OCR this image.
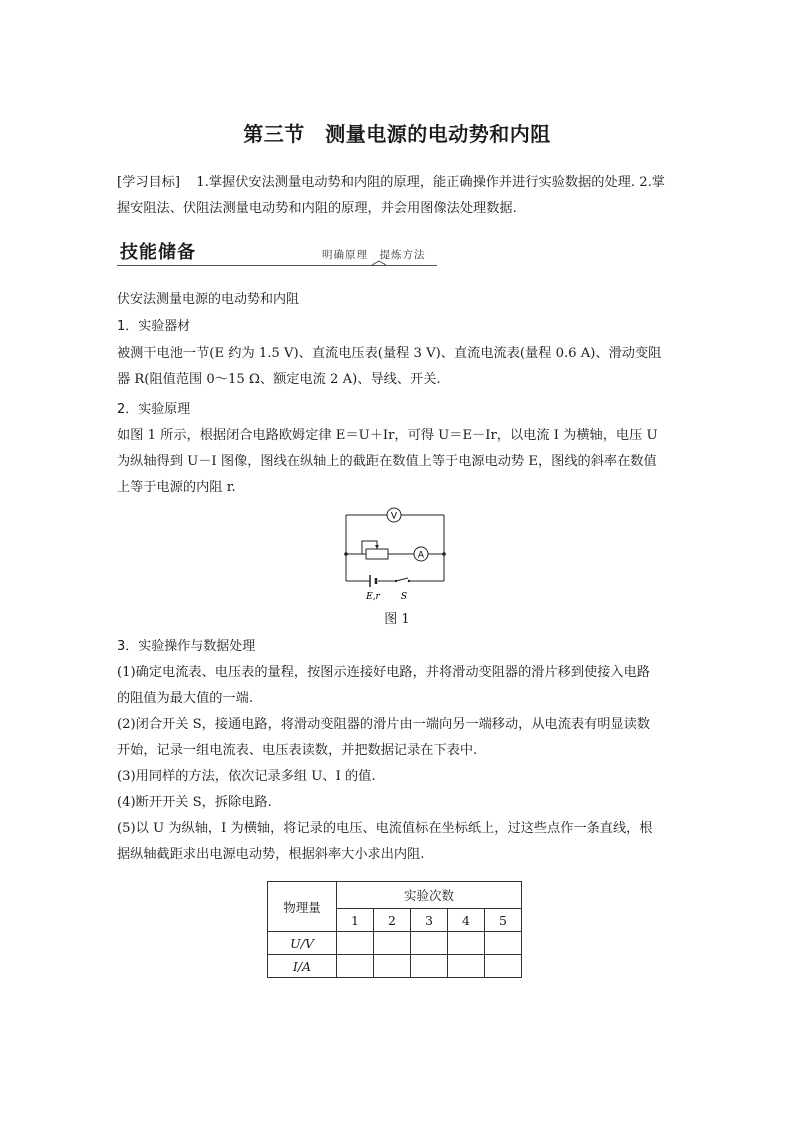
第三节　测量电源的电动势和内阻
[学习目标] 1.掌握伏安法测量电动势和内阻的原理，能正确操作并进行实验数据的处理. 2.掌
握安阻法、伏阻法测量电动势和内阻的原理，并会用图像法处理数据.
技能储备	明确原理　提炼方法
伏安法测量电源的电动势和内阻
1．实验器材
被测干电池一节(E 约为 1.5 V)、直流电压表(量程 3 V)、直流电流表(量程 0.6 A)、滑动变阻
器 R(阻值范围 0～15 Ω、额定电流 2 A)、导线、开关.
2．实验原理
如图 1 所示，根据闭合电路欧姆定律 E＝U＋Ir，可得 U＝E－Ir，以电流 I 为横轴，电压 U
为纵轴得到 U－I 图像，图线在纵轴上的截距在数值上等于电源电动势 E，图线的斜率在数值
上等于电源的内阻 r.
V
A
E,r S
图 1
3．实验操作与数据处理
(1)确定电流表、电压表的量程，按图示连接好电路，并将滑动变阻器的滑片移到使接入电路
的阻值为最大值的一端.
(2)闭合开关 S，接通电路，将滑动变阻器的滑片由一端向另一端移动，从电流表有明显读数
开始，记录一组电流表、电压表读数，并把数据记录在下表中.
(3)用同样的方法，依次记录多组 U、I 的值.
(4)断开开关 S，拆除电路.
(5)以 U 为纵轴，I 为横轴，将记录的电压、电流值标在坐标纸上，过这些点作一条直线，根
据纵轴截距求出电源电动势，根据斜率大小求出内阻.
物理量	实验次数				
	1	2	3	4	5
U/V					
I/A					
